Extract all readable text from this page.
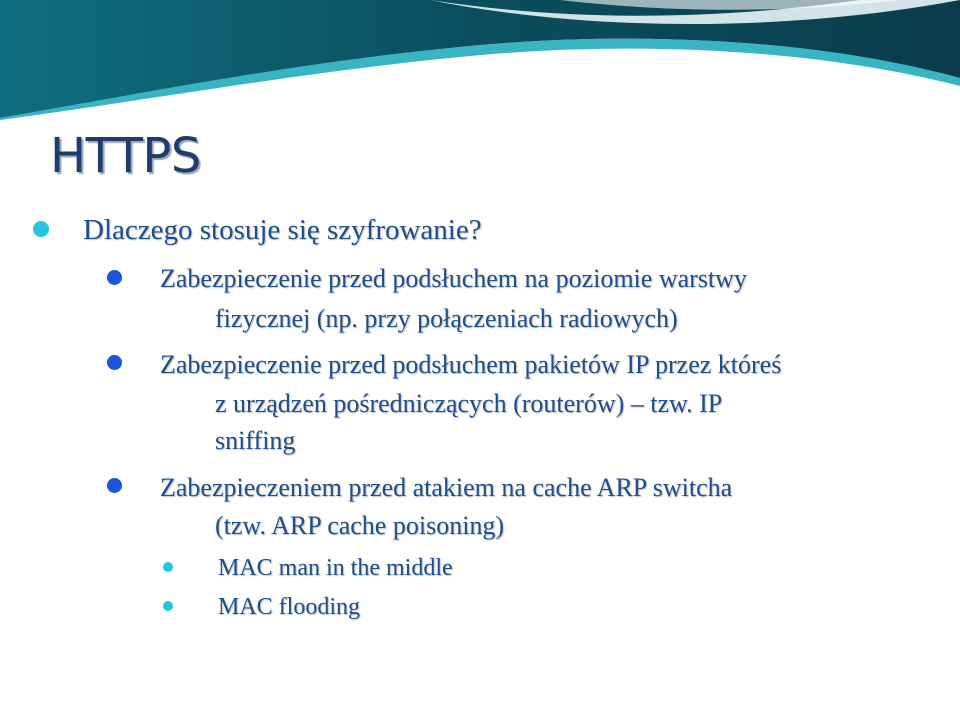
HTTPS
Dlaczego stosuje się szyfrowanie?
Zabezpieczenie przed podsłuchem na poziomie warstwy
fizycznej (np. przy połączeniach radiowych)
Zabezpieczenie przed podsłuchem pakietów IP przez któreś
z urządzeń pośredniczących (routerów) – tzw. IP
sniffing
Zabezpieczeniem przed atakiem na cache ARP switcha
(tzw. ARP cache poisoning)
MAC man in the middle
MAC flooding
